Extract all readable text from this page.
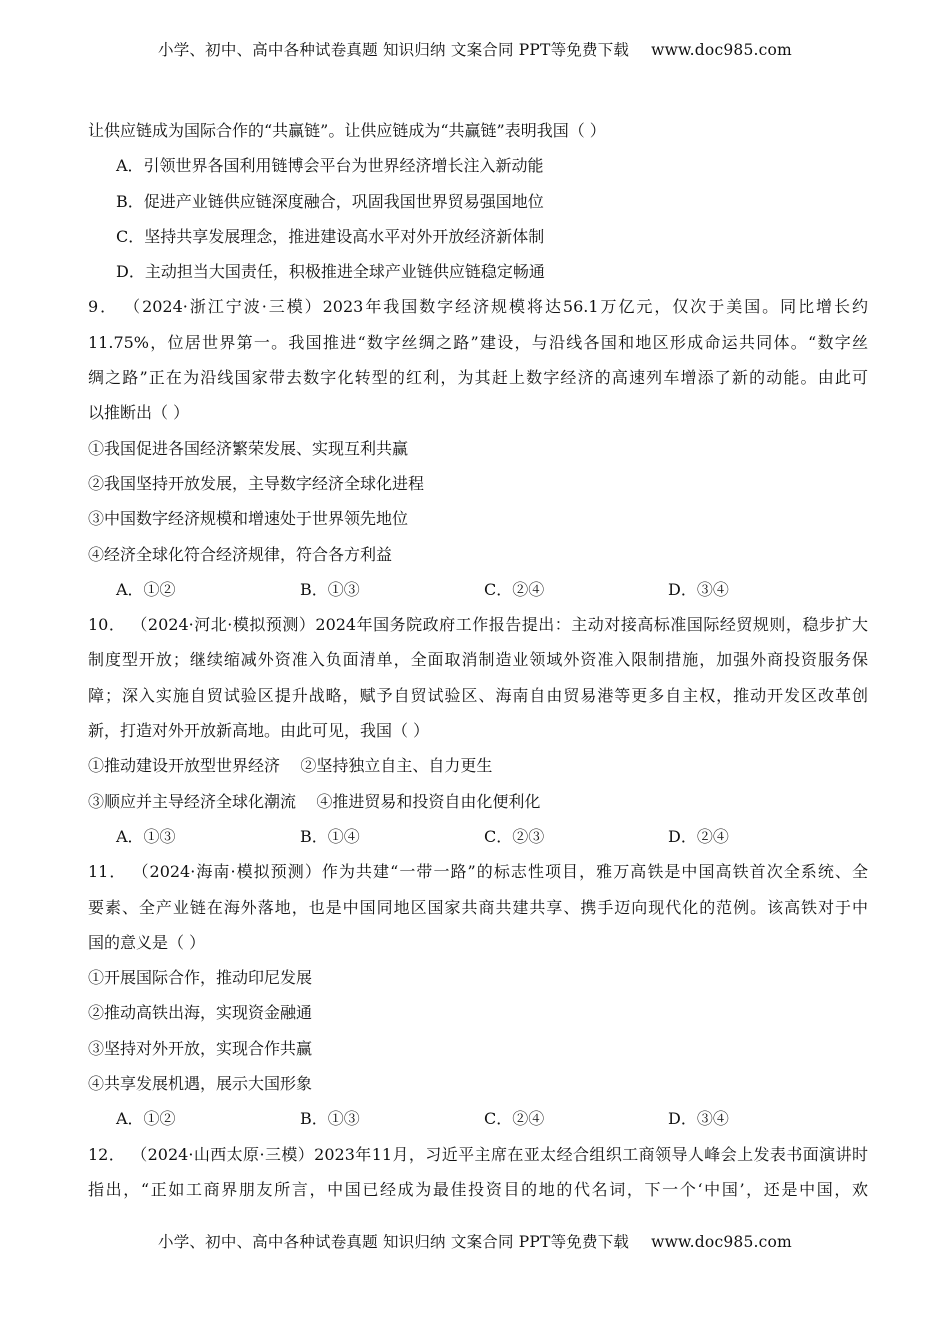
小学、初中、高中各种试卷真题 知识归纳 文案合同 PPT等免费下载 www.doc985.com
让供应链成为国际合作的“共赢链”。让供应链成为“共赢链”表明我国（ ）
A．引领世界各国利用链博会平台为世界经济增长注入新动能
B．促进产业链供应链深度融合，巩固我国世界贸易强国地位
C．坚持共享发展理念，推进建设高水平对外开放经济新体制
D．主动担当大国责任，积极推进全球产业链供应链稳定畅通
9． （2024·浙江宁波·三模）2023年我国数字经济规模将达56.1万亿元，仅次于美国。同比增长约
11.75%，位居世界第一。我国推进“数字丝绸之路”建设，与沿线各国和地区形成命运共同体。“数字丝
绸之路”正在为沿线国家带去数字化转型的红利，为其赶上数字经济的高速列车增添了新的动能。由此可
以推断出（ ）
①我国促进各国经济繁荣发展、实现互利共赢
②我国坚持开放发展，主导数字经济全球化进程
③中国数字经济规模和增速处于世界领先地位
④经济全球化符合经济规律，符合各方利益
A．①②	B．①③	C．②④	D．③④
10． （2024·河北·模拟预测）2024年国务院政府工作报告提出：主动对接高标准国际经贸规则，稳步扩大
制度型开放；继续缩减外资准入负面清单，全面取消制造业领域外资准入限制措施，加强外商投资服务保
障；深入实施自贸试验区提升战略，赋予自贸试验区、海南自由贸易港等更多自主权，推动开发区改革创
新，打造对外开放新高地。由此可见，我国（ ）
①推动建设开放型世界经济    ②坚持独立自主、自力更生
③顺应并主导经济全球化潮流    ④推进贸易和投资自由化便利化
A．①③	B．①④	C．②③	D．②④
11． （2024·海南·模拟预测）作为共建“一带一路”的标志性项目，雅万高铁是中国高铁首次全系统、全
要素、全产业链在海外落地，也是中国同地区国家共商共建共享、携手迈向现代化的范例。该高铁对于中
国的意义是（ ）
①开展国际合作，推动印尼发展
②推动高铁出海，实现资金融通
③坚持对外开放，实现合作共赢
④共享发展机遇，展示大国形象
A．①②	B．①③	C．②④	D．③④
12． （2024·山西太原·三模）2023年11月，习近平主席在亚太经合组织工商领导人峰会上发表书面演讲时
指出，“正如工商界朋友所言，中国已经成为最佳投资目的地的代名词，下一个‘中国’，还是中国，欢
小学、初中、高中各种试卷真题 知识归纳 文案合同 PPT等免费下载 www.doc985.com
